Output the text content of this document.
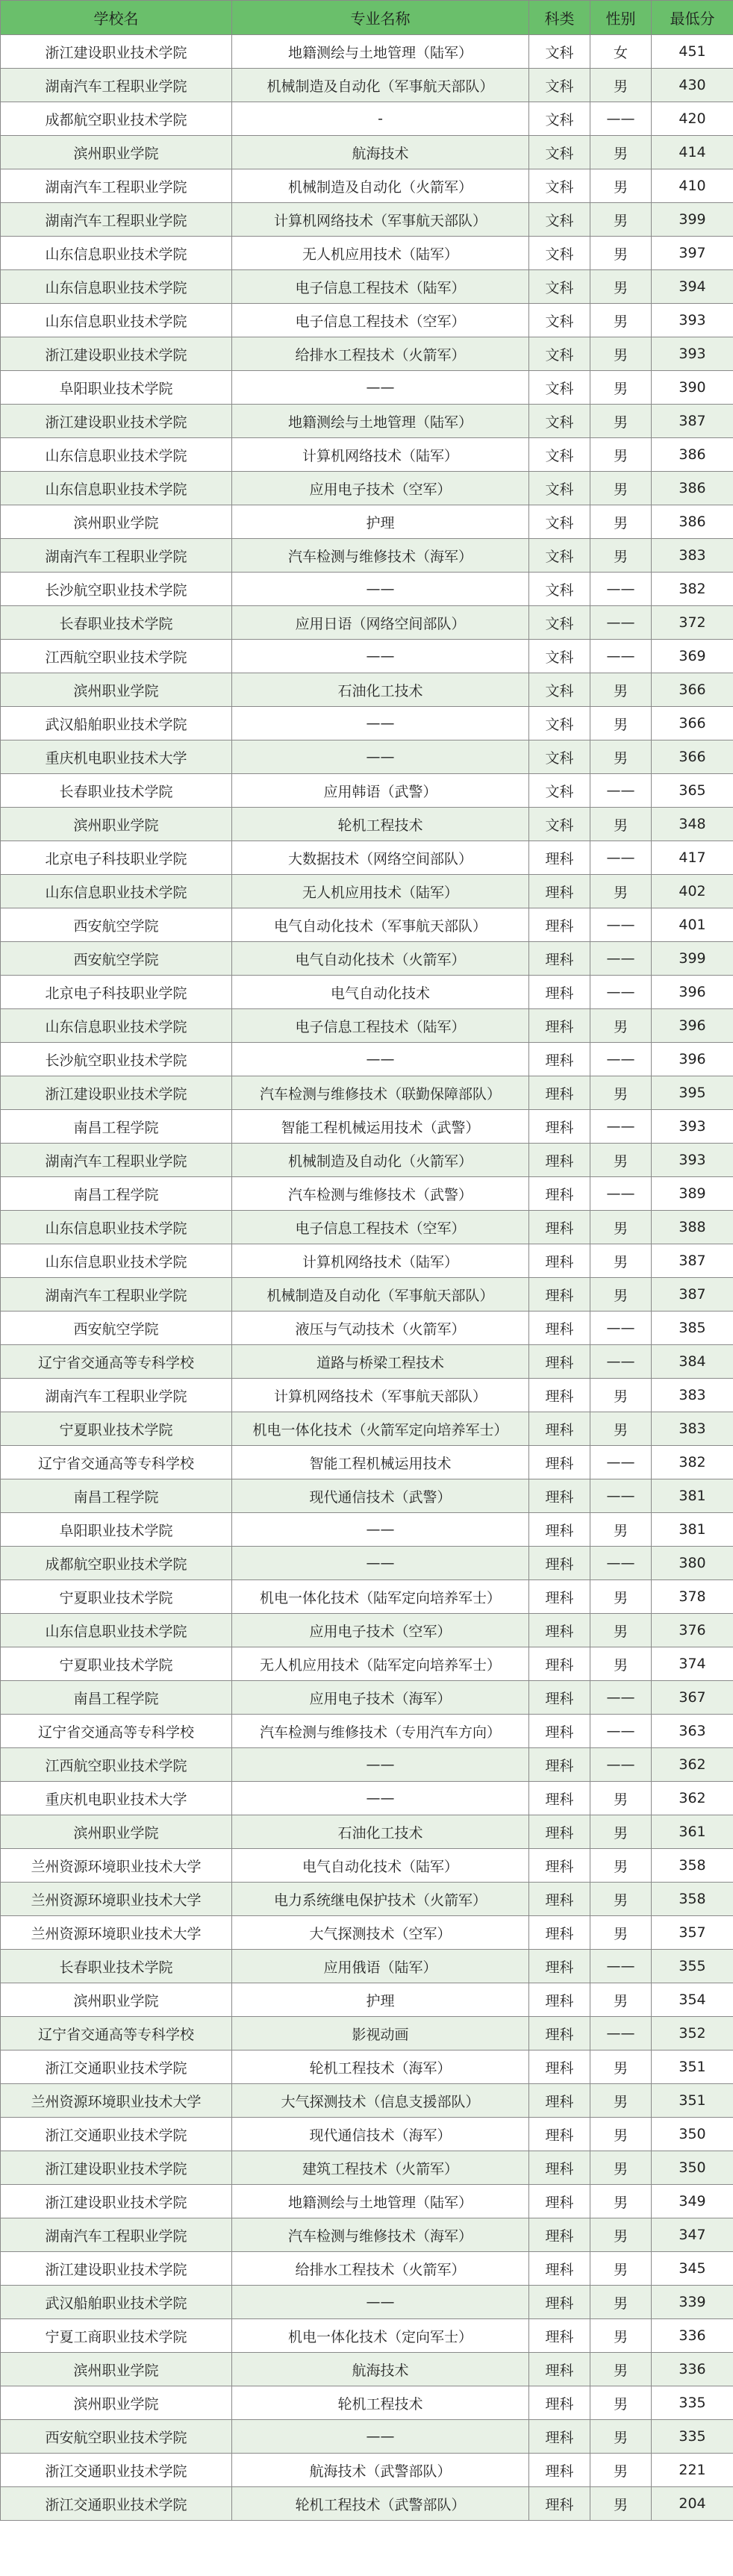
学校名	专业名称	科类	性别	最低分
浙江建设职业技术学院	地籍测绘与土地管理（陆军）	文科	女	451
湖南汽车工程职业学院	机械制造及自动化（军事航天部队）	文科	男	430
成都航空职业技术学院	-	文科	——	420
滨州职业学院	航海技术	文科	男	414
湖南汽车工程职业学院	机械制造及自动化（火箭军）	文科	男	410
湖南汽车工程职业学院	计算机网络技术（军事航天部队）	文科	男	399
山东信息职业技术学院	无人机应用技术（陆军）	文科	男	397
山东信息职业技术学院	电子信息工程技术（陆军）	文科	男	394
山东信息职业技术学院	电子信息工程技术（空军）	文科	男	393
浙江建设职业技术学院	给排水工程技术（火箭军）	文科	男	393
阜阳职业技术学院	——	文科	男	390
浙江建设职业技术学院	地籍测绘与土地管理（陆军）	文科	男	387
山东信息职业技术学院	计算机网络技术（陆军）	文科	男	386
山东信息职业技术学院	应用电子技术（空军）	文科	男	386
滨州职业学院	护理	文科	男	386
湖南汽车工程职业学院	汽车检测与维修技术（海军）	文科	男	383
长沙航空职业技术学院	——	文科	——	382
长春职业技术学院	应用日语（网络空间部队）	文科	——	372
江西航空职业技术学院	——	文科	——	369
滨州职业学院	石油化工技术	文科	男	366
武汉船舶职业技术学院	——	文科	男	366
重庆机电职业技术大学	——	文科	男	366
长春职业技术学院	应用韩语（武警）	文科	——	365
滨州职业学院	轮机工程技术	文科	男	348
北京电子科技职业学院	大数据技术（网络空间部队）	理科	——	417
山东信息职业技术学院	无人机应用技术（陆军）	理科	男	402
西安航空学院	电气自动化技术（军事航天部队）	理科	——	401
西安航空学院	电气自动化技术（火箭军）	理科	——	399
北京电子科技职业学院	电气自动化技术	理科	——	396
山东信息职业技术学院	电子信息工程技术（陆军）	理科	男	396
长沙航空职业技术学院	——	理科	——	396
浙江建设职业技术学院	汽车检测与维修技术（联勤保障部队）	理科	男	395
南昌工程学院	智能工程机械运用技术（武警）	理科	——	393
湖南汽车工程职业学院	机械制造及自动化（火箭军）	理科	男	393
南昌工程学院	汽车检测与维修技术（武警）	理科	——	389
山东信息职业技术学院	电子信息工程技术（空军）	理科	男	388
山东信息职业技术学院	计算机网络技术（陆军）	理科	男	387
湖南汽车工程职业学院	机械制造及自动化（军事航天部队）	理科	男	387
西安航空学院	液压与气动技术（火箭军）	理科	——	385
辽宁省交通高等专科学校	道路与桥梁工程技术	理科	——	384
湖南汽车工程职业学院	计算机网络技术（军事航天部队）	理科	男	383
宁夏职业技术学院	机电一体化技术（火箭军定向培养军士）	理科	男	383
辽宁省交通高等专科学校	智能工程机械运用技术	理科	——	382
南昌工程学院	现代通信技术（武警）	理科	——	381
阜阳职业技术学院	——	理科	男	381
成都航空职业技术学院	——	理科	——	380
宁夏职业技术学院	机电一体化技术（陆军定向培养军士）	理科	男	378
山东信息职业技术学院	应用电子技术（空军）	理科	男	376
宁夏职业技术学院	无人机应用技术（陆军定向培养军士）	理科	男	374
南昌工程学院	应用电子技术（海军）	理科	——	367
辽宁省交通高等专科学校	汽车检测与维修技术（专用汽车方向）	理科	——	363
江西航空职业技术学院	——	理科	——	362
重庆机电职业技术大学	——	理科	男	362
滨州职业学院	石油化工技术	理科	男	361
兰州资源环境职业技术大学	电气自动化技术（陆军）	理科	男	358
兰州资源环境职业技术大学	电力系统继电保护技术（火箭军）	理科	男	358
兰州资源环境职业技术大学	大气探测技术（空军）	理科	男	357
长春职业技术学院	应用俄语（陆军）	理科	——	355
滨州职业学院	护理	理科	男	354
辽宁省交通高等专科学校	影视动画	理科	——	352
浙江交通职业技术学院	轮机工程技术（海军）	理科	男	351
兰州资源环境职业技术大学	大气探测技术（信息支援部队）	理科	男	351
浙江交通职业技术学院	现代通信技术（海军）	理科	男	350
浙江建设职业技术学院	建筑工程技术（火箭军）	理科	男	350
浙江建设职业技术学院	地籍测绘与土地管理（陆军）	理科	男	349
湖南汽车工程职业学院	汽车检测与维修技术（海军）	理科	男	347
浙江建设职业技术学院	给排水工程技术（火箭军）	理科	男	345
武汉船舶职业技术学院	——	理科	男	339
宁夏工商职业技术学院	机电一体化技术（定向军士）	理科	男	336
滨州职业学院	航海技术	理科	男	336
滨州职业学院	轮机工程技术	理科	男	335
西安航空职业技术学院	——	理科	男	335
浙江交通职业技术学院	航海技术（武警部队）	理科	男	221
浙江交通职业技术学院	轮机工程技术（武警部队）	理科	男	204
